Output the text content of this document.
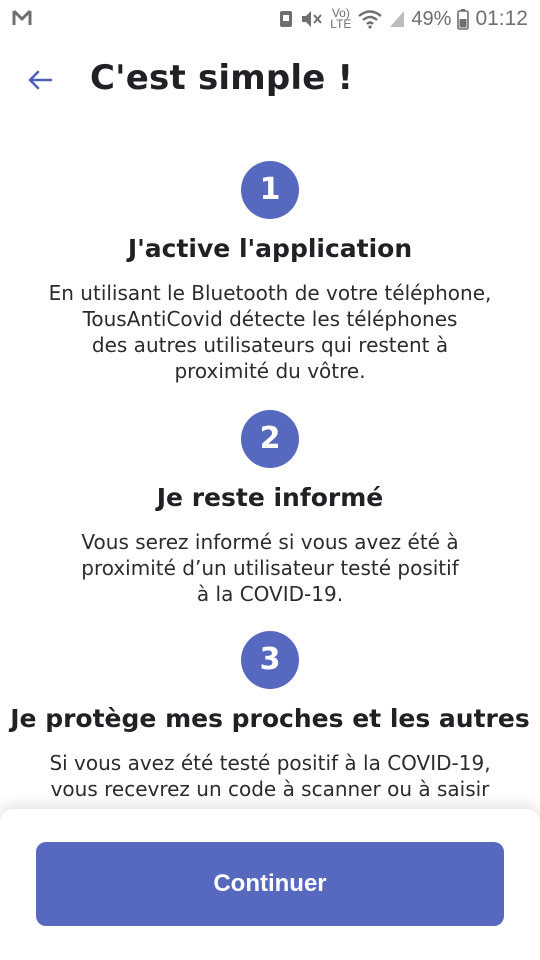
Vo)
LTE	49% 01:12
C'est simple !
1
J'active l'application
En utilisant le Bluetooth de votre téléphone,
TousAntiCovid détecte les téléphones
des autres utilisateurs qui restent à
proximité du vôtre.
2
Je reste informé
Vous serez informé si vous avez été à
proximité d’un utilisateur testé positif
à la COVID-19.
3
Je protège mes proches et les autres
Si vous avez été testé positif à la COVID-19,
vous recevrez un code à scanner ou à saisir
Continuer
